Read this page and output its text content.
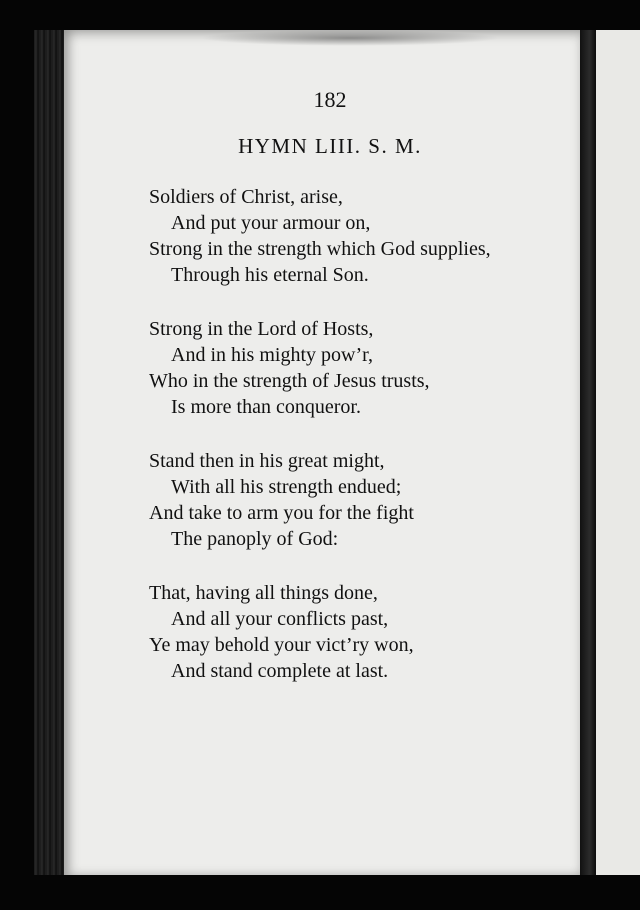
182
HYMN LIII. S. M.
Soldiers of Christ, arise,
And put your armour on,
Strong in the strength which God supplies,
Through his eternal Son.
Strong in the Lord of Hosts,
And in his mighty pow’r,
Who in the strength of Jesus trusts,
Is more than conqueror.
Stand then in his great might,
With all his strength endued;
And take to arm you for the fight
The panoply of God:
That, having all things done,
And all your conflicts past,
Ye may behold your vict’ry won,
And stand complete at last.
